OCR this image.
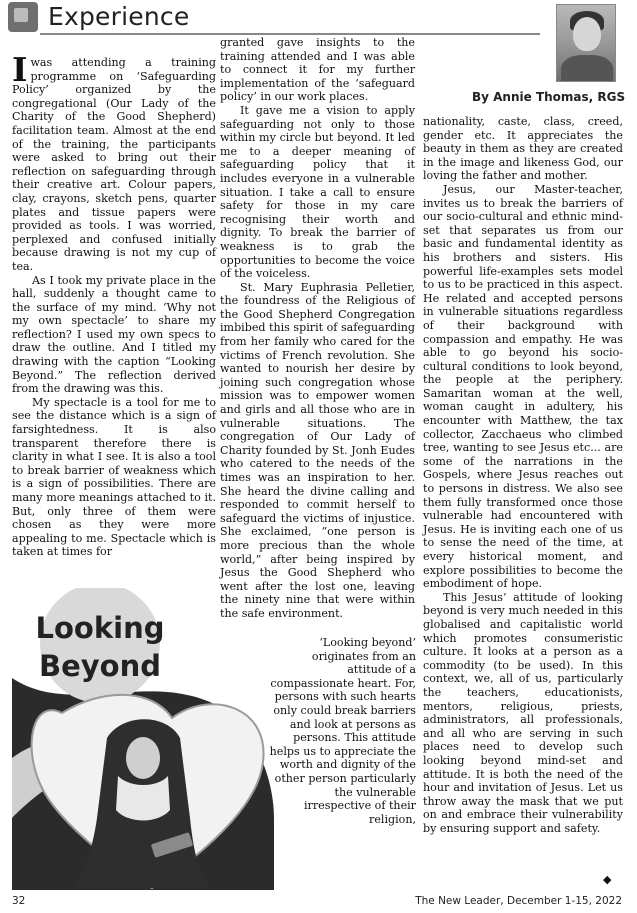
Experience
By Annie Thomas, RGS

Iwas attending a training programme on ‘Safeguarding Policy’ organized by the congregational (Our Lady of the Charity of the Good Shepherd) facilitation team. Almost at the end of the training, the participants were asked to bring out their reflection on safeguarding through their creative art. Colour papers, clay, crayons, sketch pens, quarter plates and tissue papers were provided as tools. I was worried, perplexed and confused initially because drawing is not my cup of tea.

As I took my private place in the hall, suddenly a thought came to the surface of my mind. ‘Why not my own spectacle’ to share my reflection? I used my own specs to draw the outline. And I titled my drawing with the caption “Looking Beyond.” The reflection derived from the drawing was this.

My spectacle is a tool for me to see the distance which is a sign of farsightedness. It is also transparent therefore there is clarity in what I see. It is also a tool to break barrier of weakness which is a sign of possibilities. There are many more meanings attached to it. But, only three of them were chosen as they were more appealing to me. Spectacle which is taken at times for

granted gave insights to the training attended and I was able to connect it for my further implementation of the ‘safeguard policy’ in our work places.

It gave me a vision to apply safeguarding not only to those within my circle but beyond. It led me to a deeper meaning of safeguarding policy that it includes everyone in a vulnerable situation. I take a call to ensure safety for those in my care recognising their worth and dignity. To break the barrier of weakness is to grab the opportunities to become the voice of the voiceless.

St. Mary Euphrasia Pelletier, the foundress of the Religious of the Good Shepherd Congregation imbibed this spirit of safeguarding from her family who cared for the victims of French revolution. She wanted to nourish her desire by joining such congregation whose mission was to empower women and girls and all those who are in vulnerable situations. The congregation of Our Lady of Charity founded by St. Jonh Eudes who catered to the needs of the times was an inspiration to her. She heard the divine calling and responded to commit herself to safeguard the victims of injustice. She exclaimed, “one person is more precious than the whole world,” after being inspired by Jesus the Good Shepherd who went after the lost one, leaving the ninety nine that were within the safe environment.

‘Looking beyond’ originates from an attitude of a compassionate heart. For, persons with such hearts only could break barriers and look at persons as persons. This attitude helps us to appreciate the worth and dignity of the other person particularly the vulnerable irrespective of their religion,

nationality, caste, class, creed, gender etc. It appreciates the beauty in them as they are created in the image and likeness God, our loving the father and mother.

Jesus, our Master-teacher, invites us to break the barriers of our socio-cultural and ethnic mind-set that separates us from our basic and fundamental identity as his brothers and sisters. His powerful life-examples sets model to us to be practiced in this aspect. He related and accepted persons in vulnerable situations regardless of their background with compassion and empathy. He was able to go beyond his socio-cultural conditions to look beyond, the people at the periphery. Samaritan woman at the well, woman caught in adultery, his encounter with Matthew, the tax collector, Zacchaeus who climbed tree, wanting to see Jesus etc... are some of the narrations in the Gospels, where Jesus reaches out to persons in distress. We also see them fully transformed once those vulnerable had encountered with Jesus. He is inviting each one of us to sense the need of the time, at every historical moment, and explore possibilities to become the embodiment of hope.

This Jesus’ attitude of looking beyond is very much needed in this globalised and capitalistic world which promotes consumeristic culture. It looks at a person as a commodity (to be used). In this context, we, all of us, particularly the teachers, educationists, mentors, religious, priests, administrators, all professionals, and all who are serving in such places need to develop such looking beyond mind-set and attitude. It is both the need of the hour and invitation of Jesus. Let us throw away the mask that we put on and embrace their vulnerability by ensuring support and safety.

Looking
Beyond
◆
32	The New Leader, December 1-15, 2022
